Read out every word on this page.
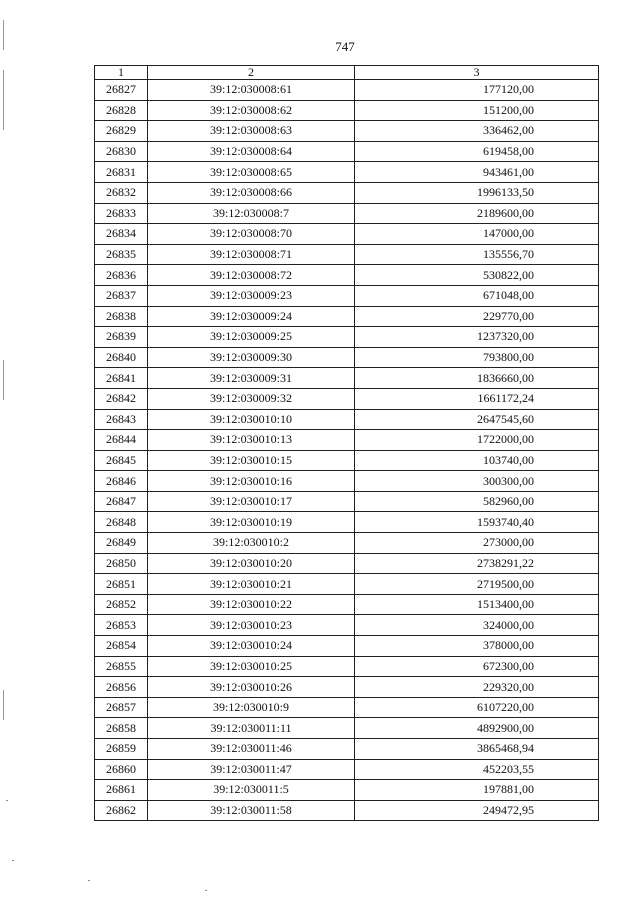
747
1	2	3
26827	39:12:030008:61	177120,00
26828	39:12:030008:62	151200,00
26829	39:12:030008:63	336462,00
26830	39:12:030008:64	619458,00
26831	39:12:030008:65	943461,00
26832	39:12:030008:66	1996133,50
26833	39:12:030008:7	2189600,00
26834	39:12:030008:70	147000,00
26835	39:12:030008:71	135556,70
26836	39:12:030008:72	530822,00
26837	39:12:030009:23	671048,00
26838	39:12:030009:24	229770,00
26839	39:12:030009:25	1237320,00
26840	39:12:030009:30	793800,00
26841	39:12:030009:31	1836660,00
26842	39:12:030009:32	1661172,24
26843	39:12:030010:10	2647545,60
26844	39:12:030010:13	1722000,00
26845	39:12:030010:15	103740,00
26846	39:12:030010:16	300300,00
26847	39:12:030010:17	582960,00
26848	39:12:030010:19	1593740,40
26849	39:12:030010:2	273000,00
26850	39:12:030010:20	2738291,22
26851	39:12:030010:21	2719500,00
26852	39:12:030010:22	1513400,00
26853	39:12:030010:23	324000,00
26854	39:12:030010:24	378000,00
26855	39:12:030010:25	672300,00
26856	39:12:030010:26	229320,00
26857	39:12:030010:9	6107220,00
26858	39:12:030011:11	4892900,00
26859	39:12:030011:46	3865468,94
26860	39:12:030011:47	452203,55
26861	39:12:030011:5	197881,00
26862	39:12:030011:58	249472,95
